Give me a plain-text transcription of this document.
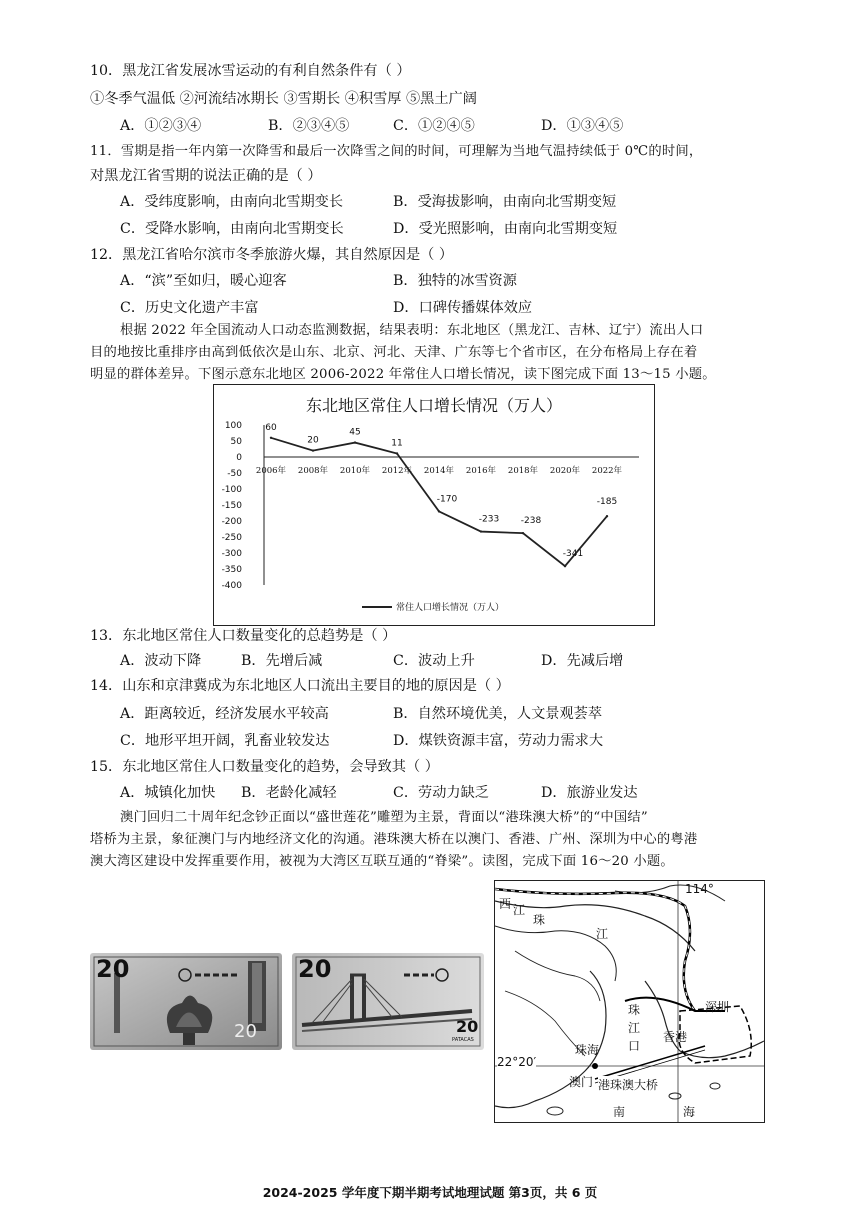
10．黑龙江省发展冰雪运动的有利自然条件有（ ）
①冬季气温低 ②河流结冰期长 ③雪期长 ④积雪厚 ⑤黑土广阔
A．①②③④	B．②③④⑤	C．①②④⑤	D．①③④⑤
11．雪期是指一年内第一次降雪和最后一次降雪之间的时间，可理解为当地气温持续低于 0℃的时间，
对黑龙江省雪期的说法正确的是（ ）
A．受纬度影响，由南向北雪期变长	B．受海拔影响，由南向北雪期变短
C．受降水影响，由南向北雪期变长	D．受光照影响，由南向北雪期变短
12．黑龙江省哈尔滨市冬季旅游火爆，其自然原因是（ ）
A．“滨”至如归，暖心迎客	B．独特的冰雪资源
C．历史文化遗产丰富	D．口碑传播媒体效应
根据 2022 年全国流动人口动态监测数据，结果表明：东北地区（黑龙江、吉林、辽宁）流出人口
目的地按比重排序由高到低依次是山东、北京、河北、天津、广东等七个省市区，在分布格局上存在着
明显的群体差异。下图示意东北地区 2006-2022 年常住人口增长情况，读下图完成下面 13～15 小题。
东北地区常住人口增长情况（万人）
100
50
0
-50
-100
-150
-200
-250
-300
-350
-400
2006年 2008年 2010年 2012年 2014年 2016年 2018年 2020年 2022年
60
20
45
11
-170
-233 -238
-341
-185
常住人口增长情况（万人）
13．东北地区常住人口数量变化的总趋势是（ ）
A．波动下降	B．先增后减	C．波动上升	D．先减后增
14．山东和京津冀成为东北地区人口流出主要目的地的原因是（ ）
A．距离较近，经济发展水平较高	B．自然环境优美，人文景观荟萃
C．地形平坦开阔，乳畜业较发达	D．煤铁资源丰富，劳动力需求大
15．东北地区常住人口数量变化的趋势，会导致其（ ）
A．城镇化加快 B．老龄化减轻	C．劳动力缺乏	D．旅游业发达
澳门回归二十周年纪念钞正面以“盛世莲花”雕塑为主景，背面以“港珠澳大桥”的“中国结”
塔桥为主景，象征澳门与内地经济文化的沟通。港珠澳大桥在以澳门、香港、广州、深圳为中心的粤港
澳大湾区建设中发挥重要作用，被视为大湾区互联互通的“脊梁”。读图，完成下面 16～20 小题。
20
20
20
20
PATACAS
114°
22°20′
西 江
珠
江
珠
江
口
深圳
香港
珠海
澳门 港珠澳大桥
南	海
2024-2025 学年度下期半期考试地理试题 第3页，共 6 页
